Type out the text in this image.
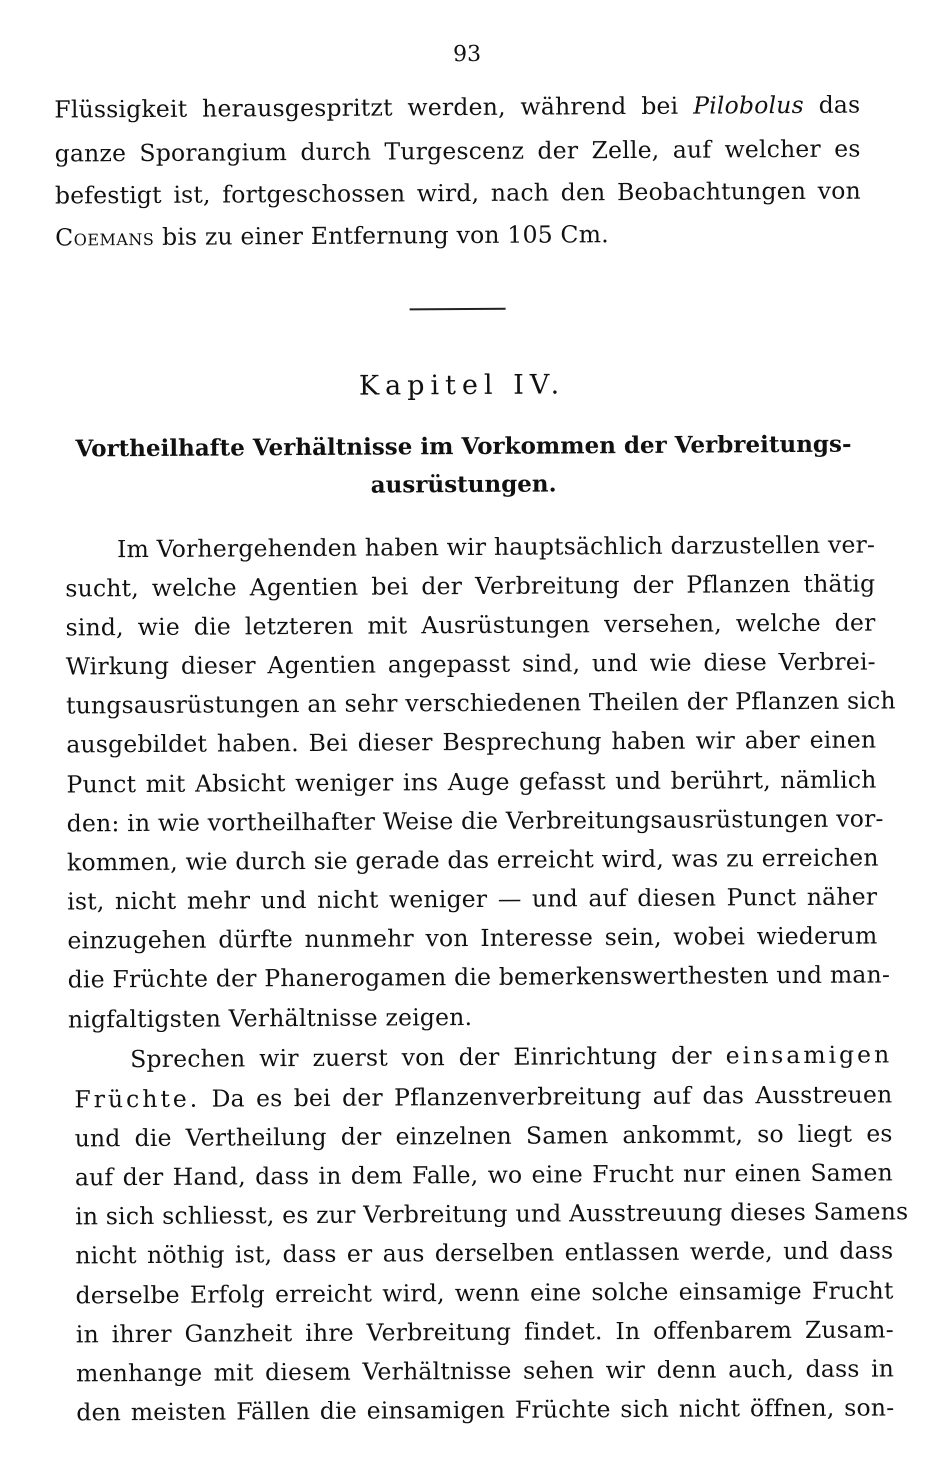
93
Flüssigkeit herausgespritzt werden, während bei Pilobolus das
ganze Sporangium durch Turgescenz der Zelle, auf welcher es
befestigt ist, fortgeschossen wird, nach den Beobachtungen von
Coemans bis zu einer Entfernung von 105 Cm.
Kapitel IV.
Vortheilhafte Verhältnisse im Vorkommen der Verbreitungs-
ausrüstungen.
Im Vorhergehenden haben wir hauptsächlich darzustellen ver-
sucht, welche Agentien bei der Verbreitung der Pflanzen thätig
sind, wie die letzteren mit Ausrüstungen versehen, welche der
Wirkung dieser Agentien angepasst sind, und wie diese Verbrei-
tungsausrüstungen an sehr verschiedenen Theilen der Pflanzen sich
ausgebildet haben. Bei dieser Besprechung haben wir aber einen
Punct mit Absicht weniger ins Auge gefasst und berührt, nämlich
den: in wie vortheilhafter Weise die Verbreitungsausrüstungen vor-
kommen, wie durch sie gerade das erreicht wird, was zu erreichen
ist, nicht mehr und nicht weniger — und auf diesen Punct näher
einzugehen dürfte nunmehr von Interesse sein, wobei wiederum
die Früchte der Phanerogamen die bemerkenswerthesten und man-
nigfaltigsten Verhältnisse zeigen.
Sprechen wir zuerst von der Einrichtung der einsamigen
Früchte. Da es bei der Pflanzenverbreitung auf das Ausstreuen
und die Vertheilung der einzelnen Samen ankommt, so liegt es
auf der Hand, dass in dem Falle, wo eine Frucht nur einen Samen
in sich schliesst, es zur Verbreitung und Ausstreuung dieses Samens
nicht nöthig ist, dass er aus derselben entlassen werde, und dass
derselbe Erfolg erreicht wird, wenn eine solche einsamige Frucht
in ihrer Ganzheit ihre Verbreitung findet. In offenbarem Zusam-
menhange mit diesem Verhältnisse sehen wir denn auch, dass in
den meisten Fällen die einsamigen Früchte sich nicht öffnen, son-
